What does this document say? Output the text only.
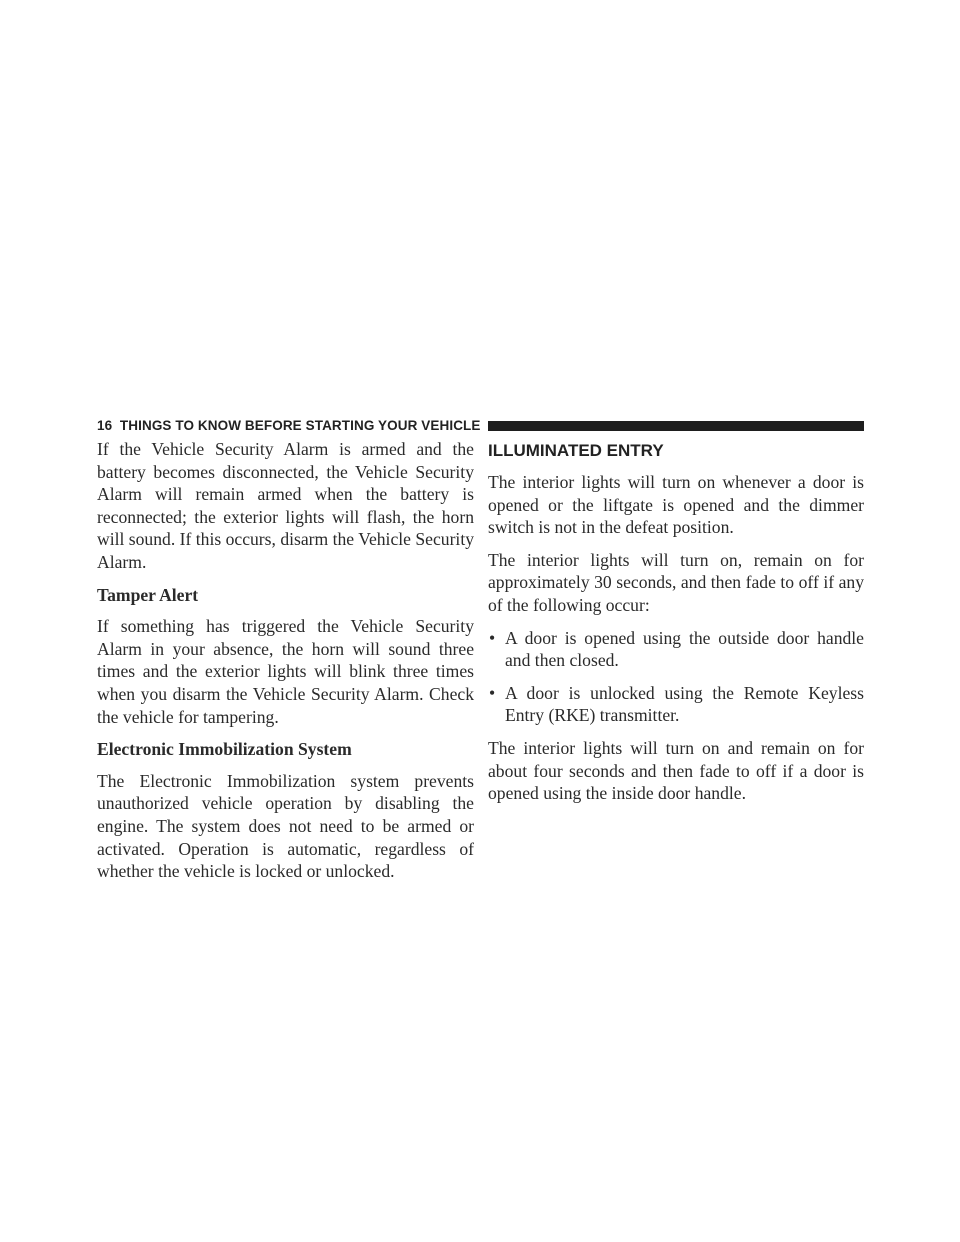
16 THINGS TO KNOW BEFORE STARTING YOUR VEHICLE

If the Vehicle Security Alarm is armed and the battery becomes disconnected, the Vehicle Security Alarm will remain armed when the battery is reconnected; the exterior lights will flash, the horn will sound. If this occurs, disarm the Vehicle Security Alarm.

Tamper Alert

If something has triggered the Vehicle Security Alarm in your absence, the horn will sound three times and the exterior lights will blink three times when you disarm the Vehicle Security Alarm. Check the vehicle for tampering.

Electronic Immobilization System

The Electronic Immobilization system prevents unauthorized vehicle operation by disabling the engine. The system does not need to be armed or activated. Operation is automatic, regardless of whether the vehicle is locked or unlocked.

ILLUMINATED ENTRY

The interior lights will turn on whenever a door is opened or the liftgate is opened and the dimmer switch is not in the defeat position.

The interior lights will turn on, remain on for approximately 30 seconds, and then fade to off if any of the following occur:

• A door is opened using the outside door handle and then closed.
• A door is unlocked using the Remote Keyless Entry (RKE) transmitter.

The interior lights will turn on and remain on for about four seconds and then fade to off if a door is opened using the inside door handle.
